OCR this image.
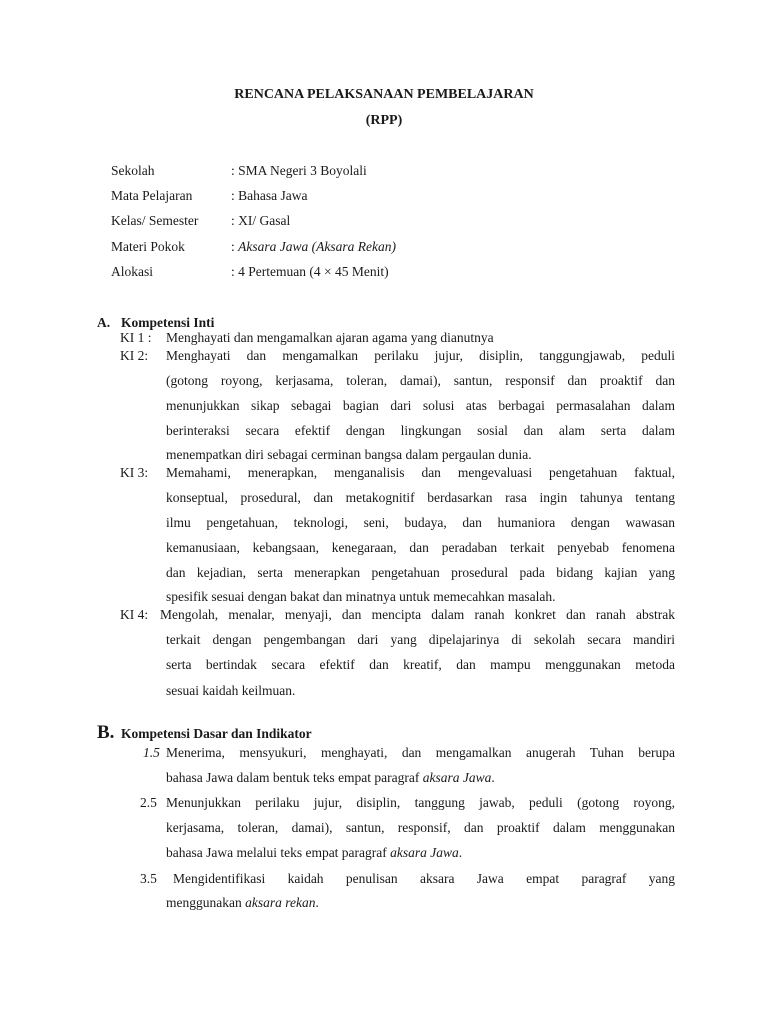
RENCANA PELAKSANAAN PEMBELAJARAN
(RPP)
Sekolah	: SMA Negeri 3 Boyolali
Mata Pelajaran	: Bahasa Jawa
Kelas/ Semester : XI/ Gasal
Materi Pokok	: Aksara Jawa (Aksara Rekan)
Alokasi	: 4 Pertemuan (4 × 45 Menit)
A. Kompetensi Inti
KI 1 : Menghayati dan mengamalkan ajaran agama yang dianutnya
KI 2: Menghayati dan mengamalkan perilaku jujur, disiplin, tanggungjawab, peduli
(gotong royong, kerjasama, toleran, damai), santun, responsif dan proaktif dan
menunjukkan sikap sebagai bagian dari solusi atas berbagai permasalahan dalam
berinteraksi secara efektif dengan lingkungan sosial dan alam serta dalam
menempatkan diri sebagai cerminan bangsa dalam pergaulan dunia.
KI 3: Memahami, menerapkan, menganalisis dan mengevaluasi pengetahuan faktual,
konseptual, prosedural, dan metakognitif berdasarkan rasa ingin tahunya tentang
ilmu pengetahuan, teknologi, seni, budaya, dan humaniora dengan wawasan
kemanusiaan, kebangsaan, kenegaraan, dan peradaban terkait penyebab fenomena
dan kejadian, serta menerapkan pengetahuan prosedural pada bidang kajian yang
spesifik sesuai dengan bakat dan minatnya untuk memecahkan masalah.
KI 4: Mengolah, menalar, menyaji, dan mencipta dalam ranah konkret dan ranah abstrak
terkait dengan pengembangan dari yang dipelajarinya di sekolah secara mandiri
serta bertindak secara efektif dan kreatif, dan mampu menggunakan metoda
sesuai kaidah keilmuan.
B. Kompetensi Dasar dan Indikator
1.5 Menerima, mensyukuri, menghayati, dan mengamalkan anugerah Tuhan berupa
bahasa Jawa dalam bentuk teks empat paragraf aksara Jawa.
2.5 Menunjukkan perilaku jujur, disiplin, tanggung jawab, peduli (gotong royong,
kerjasama, toleran, damai), santun, responsif, dan proaktif dalam menggunakan
bahasa Jawa melalui teks empat paragraf aksara Jawa.
3.5 Mengidentifikasi kaidah penulisan aksara Jawa empat paragraf yang
menggunakan aksara rekan.
